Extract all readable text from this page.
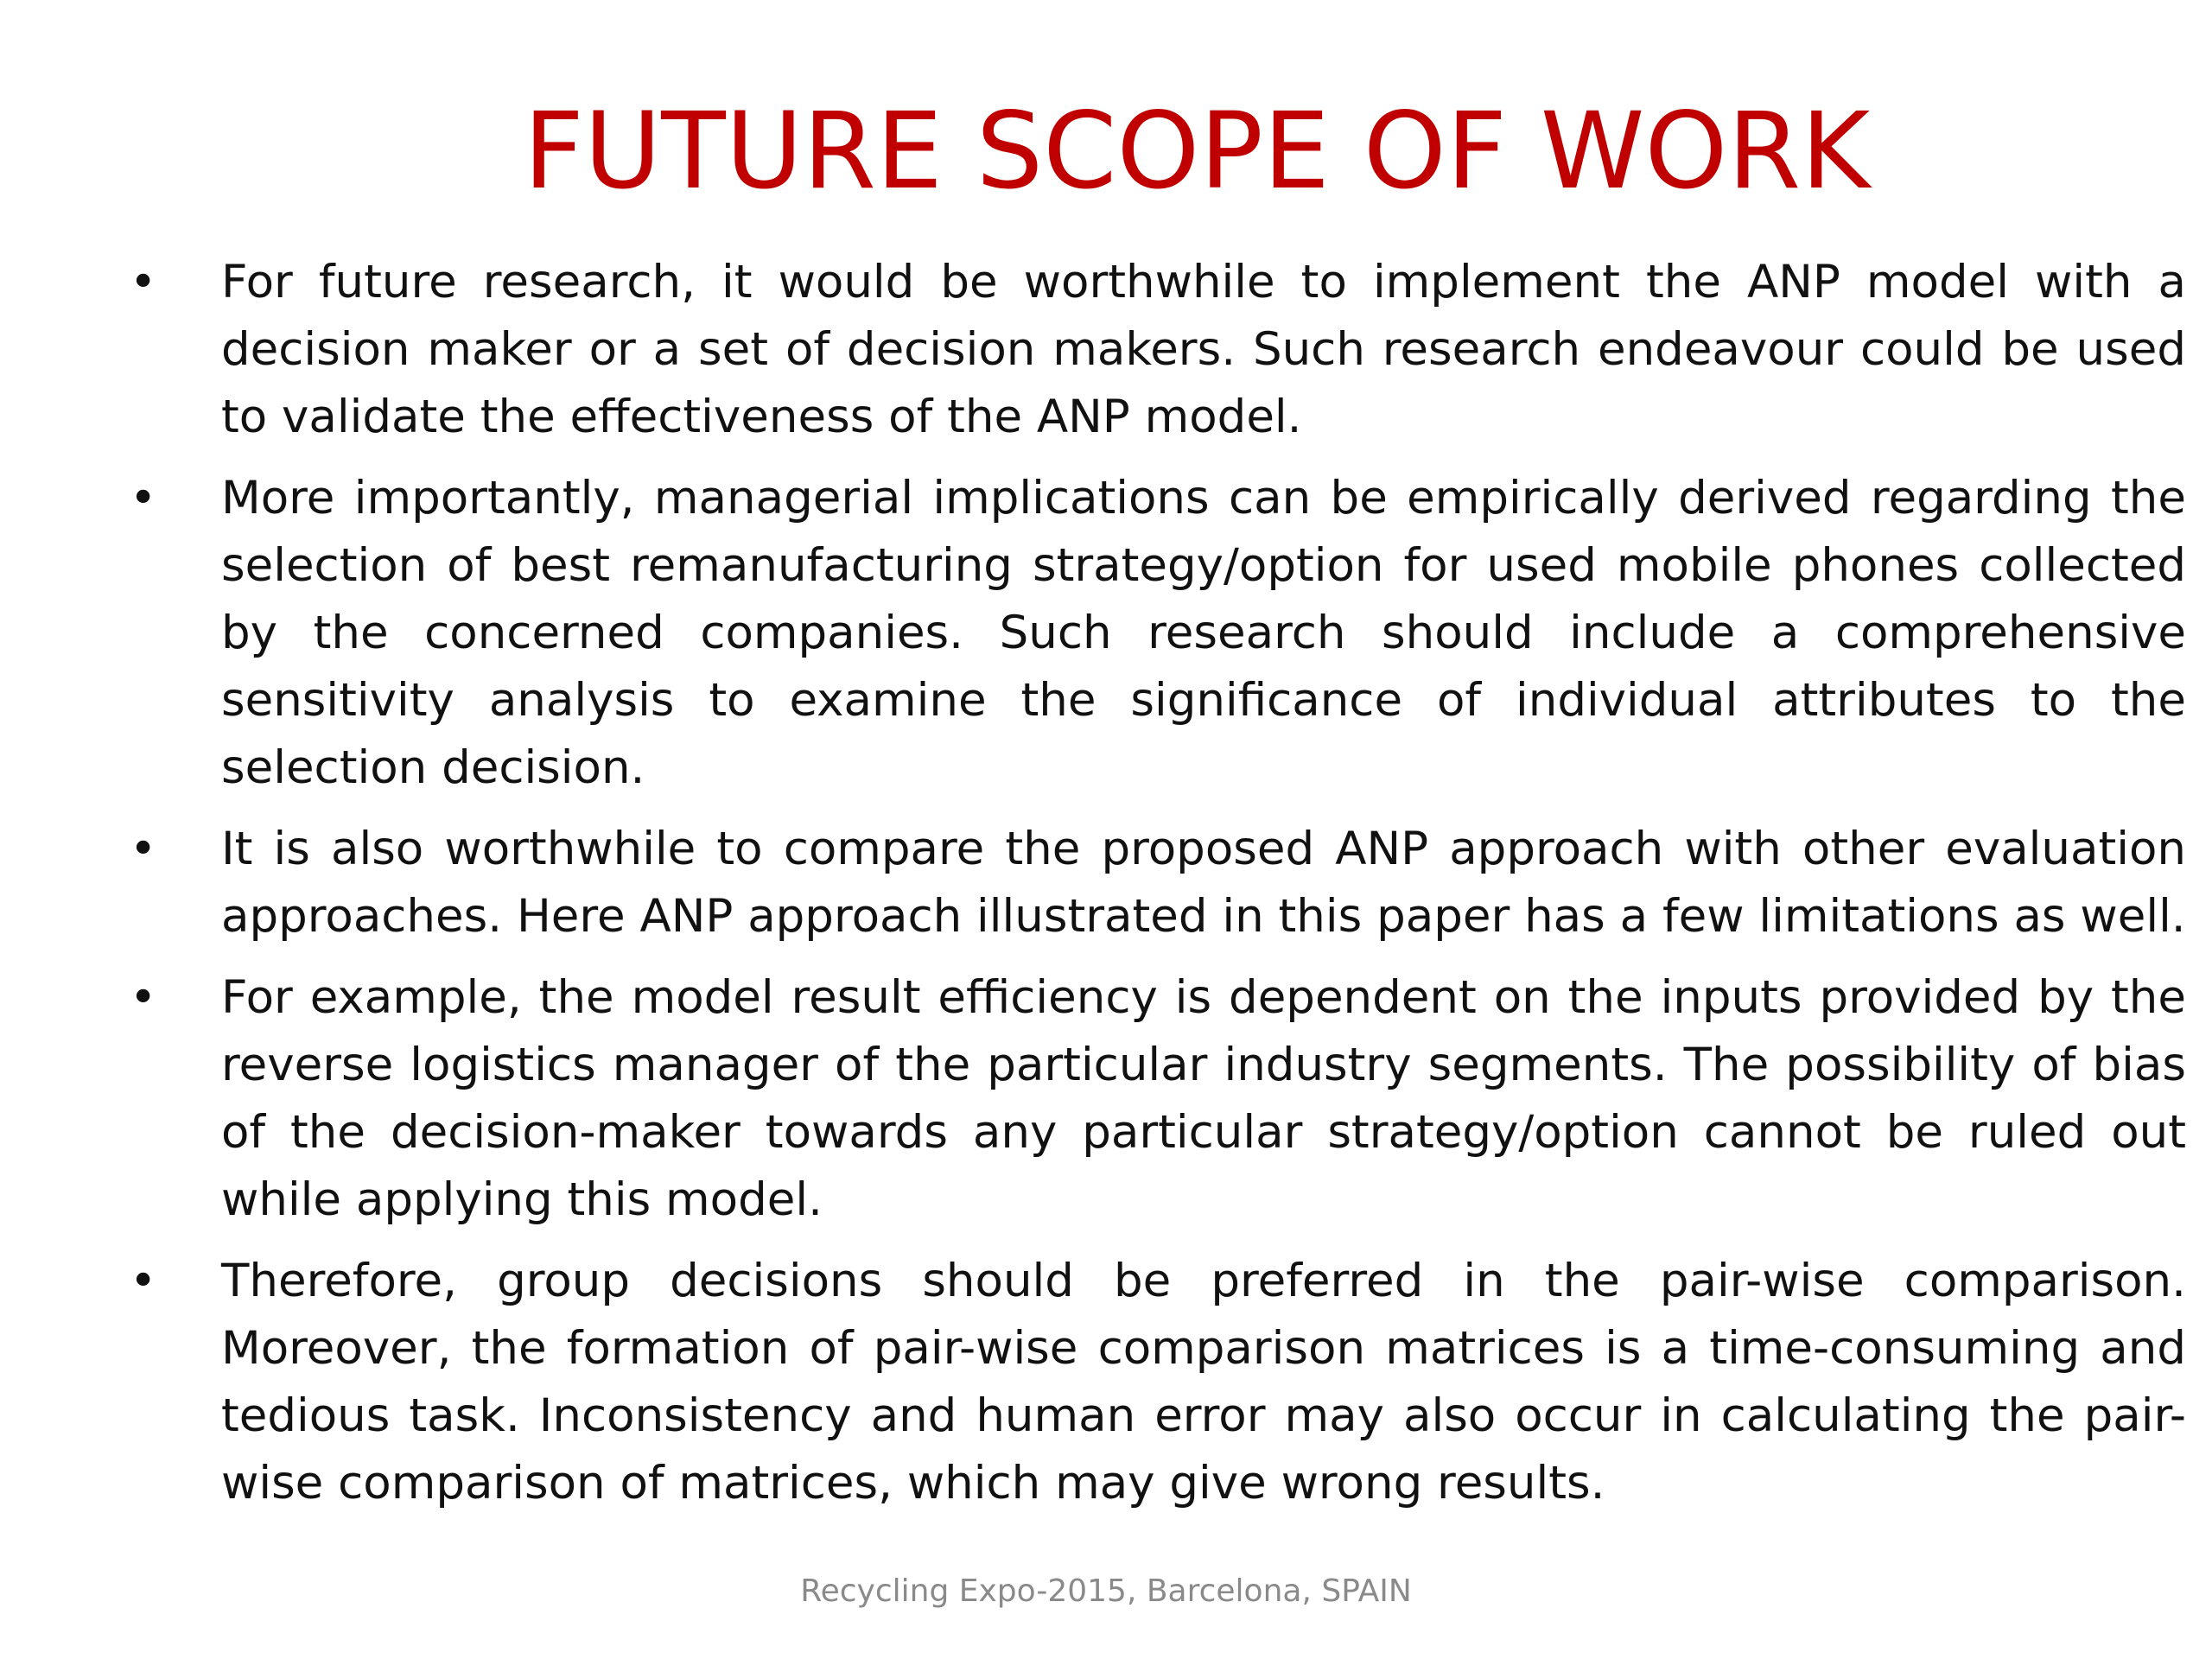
FUTURE SCOPE OF WORK
• For future research, it would be worthwhile to implement the ANP model with a decision maker or a set of decision makers. Such research endeavour could be used to validate the effectiveness of the ANP model.
• More importantly, managerial implications can be empirically derived regarding the selection of best remanufacturing strategy/option for used mobile phones collected by the concerned companies. Such research should include a comprehensive sensitivity analysis to examine the significance of individual attributes to the selection decision.
• It is also worthwhile to compare the proposed ANP approach with other evaluation approaches. Here ANP approach illustrated in this paper has a few limitations as well.
• For example, the model result efficiency is dependent on the inputs provided by the reverse logistics manager of the particular industry segments. The possibility of bias of the decision-maker towards any particular strategy/option cannot be ruled out while applying this model.
• Therefore, group decisions should be preferred in the pair-wise comparison. Moreover, the formation of pair-wise comparison matrices is a time-consuming and tedious task. Inconsistency and human error may also occur in calculating the pair-wise comparison of matrices, which may give wrong results.
Recycling Expo-2015, Barcelona, SPAIN
